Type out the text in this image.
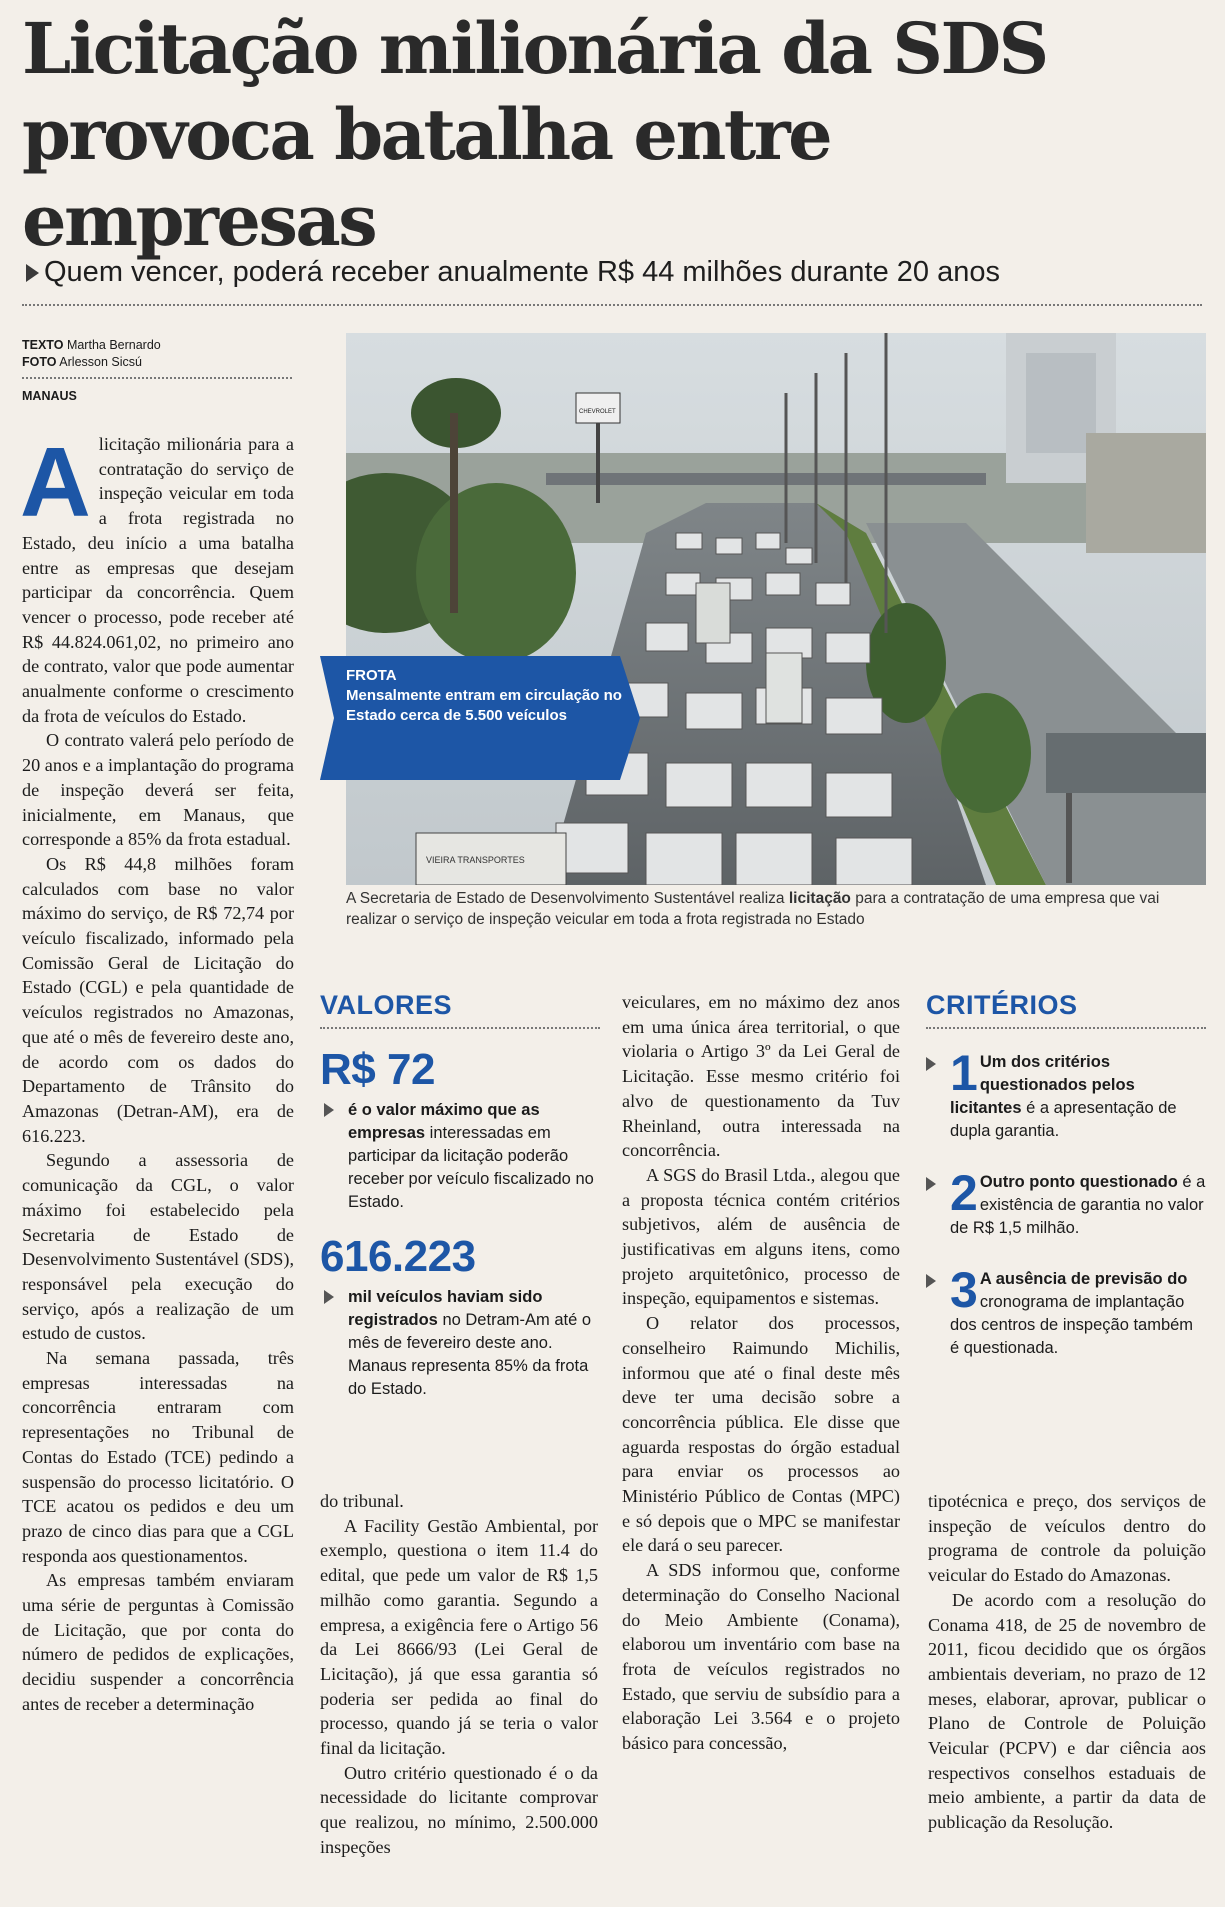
Licitação milionária da SDS
provoca batalha entre empresas
Quem vencer, poderá receber anualmente R$ 44 milhões durante 20 anos
TEXTO Martha Bernardo
FOTO Arlesson Sicsú
MANAUS

Alicitação milionária para a contratação do serviço de inspeção veicular em toda a frota registrada no Estado, deu início a uma batalha entre as empresas que desejam participar da concorrência. Quem vencer o processo, pode receber até R$ 44.824.061,02, no primeiro ano de contrato, valor que pode aumentar anualmente conforme o crescimento da frota de veículos do Estado.

O contrato valerá pelo período de 20 anos e a implantação do programa de inspeção deverá ser feita, inicialmente, em Manaus, que corresponde a 85% da frota estadual.

Os R$ 44,8 milhões foram calculados com base no valor máximo do serviço, de R$ 72,74 por veículo fiscalizado, informado pela Comissão Geral de Licitação do Estado (CGL) e pela quantidade de veículos registrados no Amazonas, que até o mês de fevereiro deste ano, de acordo com os dados do Departamento de Trânsito do Amazonas (Detran-AM), era de 616.223.

Segundo a assessoria de comunicação da CGL, o valor máximo foi estabelecido pela Secretaria de Estado de Desenvolvimento Sustentável (SDS), responsável pela execução do serviço, após a realização de um estudo de custos.

Na semana passada, três empresas interessadas na concorrência entraram com representações no Tribunal de Contas do Estado (TCE) pedindo a suspensão do processo licitatório. O TCE acatou os pedidos e deu um prazo de cinco dias para que a CGL responda aos questionamentos.

As empresas também enviaram uma série de perguntas à Comissão de Licitação, que por conta do número de pedidos de explicações, decidiu suspender a concorrência antes de receber a determinação

VIEIRA TRANSPORTES
CHEVROLET
FROTA
Mensalmente entram em circulação no Estado cerca de 5.500 veículos
A Secretaria de Estado de Desenvolvimento Sustentável realiza licitação para a contratação de uma empresa que vai realizar o serviço de inspeção veicular em toda a frota registrada no Estado
VALORES
R$ 72
é o valor máximo que as empresas interessadas em participar da licitação poderão receber por veículo fiscalizado no Estado.
616.223
mil veículos haviam sido registrados no Detram-Am até o mês de fevereiro deste ano. Manaus representa 85% da frota do Estado.

do tribunal.

A Facility Gestão Ambiental, por exemplo, questiona o item 11.4 do edital, que pede um valor de R$ 1,5 milhão como garantia. Segundo a empresa, a exigência fere o Artigo 56 da Lei 8666/93 (Lei Geral de Licitação), já que essa garantia só poderia ser pedida ao final do processo, quando já se teria o valor final da licitação.

Outro critério questionado é o da necessidade do licitante comprovar que realizou, no mínimo, 2.500.000 inspeções

veiculares, em no máximo dez anos em uma única área territorial, o que violaria o Artigo 3º da Lei Geral de Licitação. Esse mesmo critério foi alvo de questionamento da Tuv Rheinland, outra interessada na concorrência.

A SGS do Brasil Ltda., alegou que a proposta técnica contém critérios subjetivos, além de ausência de justificativas em alguns itens, como projeto arquitetônico, processo de inspeção, equipamentos e sistemas.

O relator dos processos, conselheiro Raimundo Michilis, informou que até o final deste mês deve ter uma decisão sobre a concorrência pública. Ele disse que aguarda respostas do órgão estadual para enviar os processos ao Ministério Público de Contas (MPC) e só depois que o MPC se manifestar ele dará o seu parecer.

A SDS informou que, conforme determinação do Conselho Nacional do Meio Ambiente (Conama), elaborou um inventário com base na frota de veículos registrados no Estado, que serviu de subsídio para a elaboração Lei 3.564 e o projeto básico para concessão,

CRITÉRIOS
1 Um dos critérios questionados pelos licitantes é a apresentação de dupla garantia.
2 Outro ponto questionado é a existência de garantia no valor de R$ 1,5 milhão.
3 A ausência de previsão do cronograma de implantação dos centros de inspeção também é questionada.

tipotécnica e preço, dos serviços de inspeção de veículos dentro do programa de controle da poluição veicular do Estado do Amazonas.

De acordo com a resolução do Conama 418, de 25 de novembro de 2011, ficou decidido que os órgãos ambientais deveriam, no prazo de 12 meses, elaborar, aprovar, publicar o Plano de Controle de Poluição Veicular (PCPV) e dar ciência aos respectivos conselhos estaduais de meio ambiente, a partir da data de publicação da Resolução.
